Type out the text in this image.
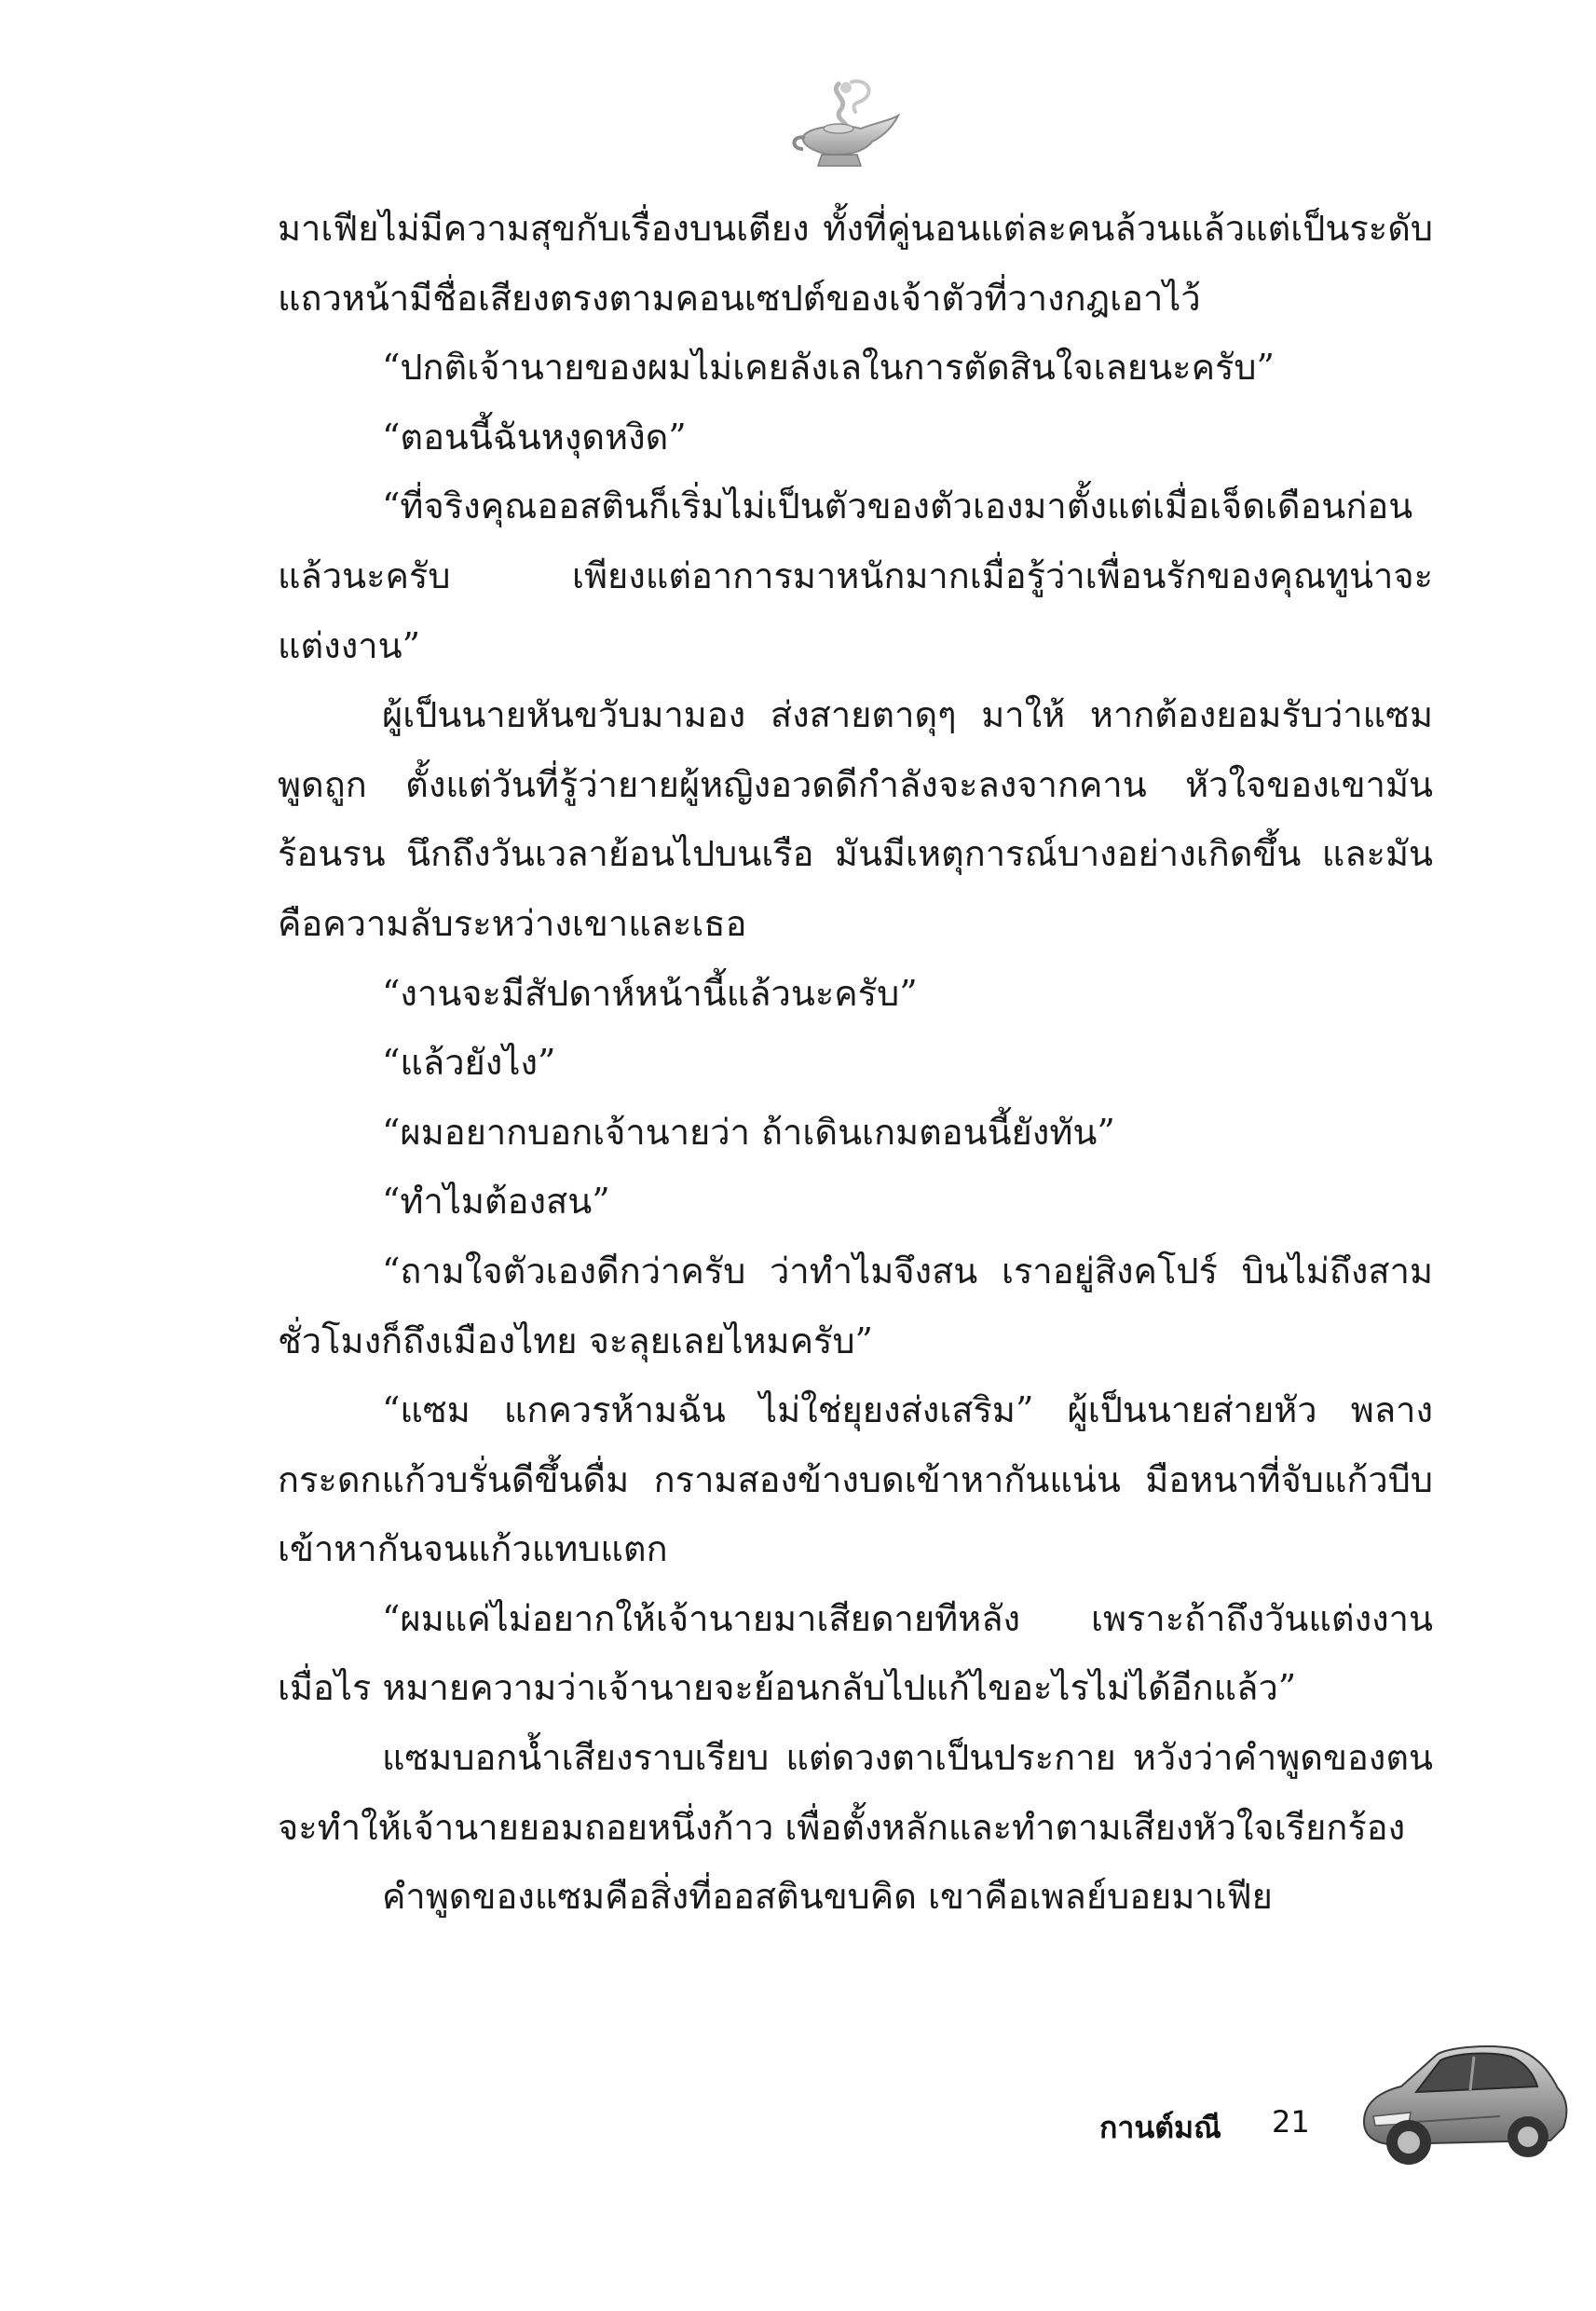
มาเฟียไม่มีความสุขกับเรื่องบนเตียง ทั้งที่คู่นอนแต่ละคนล้วนแล้วแต่เป็นระดับแถวหน้ามีชื่อเสียงตรงตามคอนเซปต์ของเจ้าตัวที่วางกฎเอาไว้

“ปกติเจ้านายของผมไม่เคยลังเลในการตัดสินใจเลยนะครับ”

“ตอนนี้ฉันหงุดหงิด”

“ที่จริงคุณออสตินก็เริ่มไม่เป็นตัวของตัวเองมาตั้งแต่เมื่อเจ็ดเดือนก่อนแล้วนะครับ เพียงแต่อาการมาหนักมากเมื่อรู้ว่าเพื่อนรักของคุณทูน่าจะแต่งงาน”

ผู้เป็นนายหันขวับมามอง ส่งสายตาดุๆ มาให้ หากต้องยอมรับว่าแซมพูดถูก ตั้งแต่วันที่รู้ว่ายายผู้หญิงอวดดีกำลังจะลงจากคาน หัวใจของเขามันร้อนรน นึกถึงวันเวลาย้อนไปบนเรือ มันมีเหตุการณ์บางอย่างเกิดขึ้น และมันคือความลับระหว่างเขาและเธอ

“งานจะมีสัปดาห์หน้านี้แล้วนะครับ”

“แล้วยังไง”

“ผมอยากบอกเจ้านายว่า ถ้าเดินเกมตอนนี้ยังทัน”

“ทำไมต้องสน”

“ถามใจตัวเองดีกว่าครับ ว่าทำไมจึงสน เราอยู่สิงคโปร์ บินไม่ถึงสามชั่วโมงก็ถึงเมืองไทย จะลุยเลยไหมครับ”

“แซม แกควรห้ามฉัน ไม่ใช่ยุยงส่งเสริม” ผู้เป็นนายส่ายหัว พลางกระดกแก้วบรั่นดีขึ้นดื่ม กรามสองข้างบดเข้าหากันแน่น มือหนาที่จับแก้วบีบเข้าหากันจนแก้วแทบแตก

“ผมแค่ไม่อยากให้เจ้านายมาเสียดายทีหลัง เพราะถ้าถึงวันแต่งงานเมื่อไร หมายความว่าเจ้านายจะย้อนกลับไปแก้ไขอะไรไม่ได้อีกแล้ว”

แซมบอกน้ำเสียงราบเรียบ แต่ดวงตาเป็นประกาย หวังว่าคำพูดของตนจะทำให้เจ้านายยอมถอยหนึ่งก้าว เพื่อตั้งหลักและทำตามเสียงหัวใจเรียกร้อง

คำพูดของแซมคือสิ่งที่ออสตินขบคิด เขาคือเพลย์บอยมาเฟีย

กานต์มณี 21
